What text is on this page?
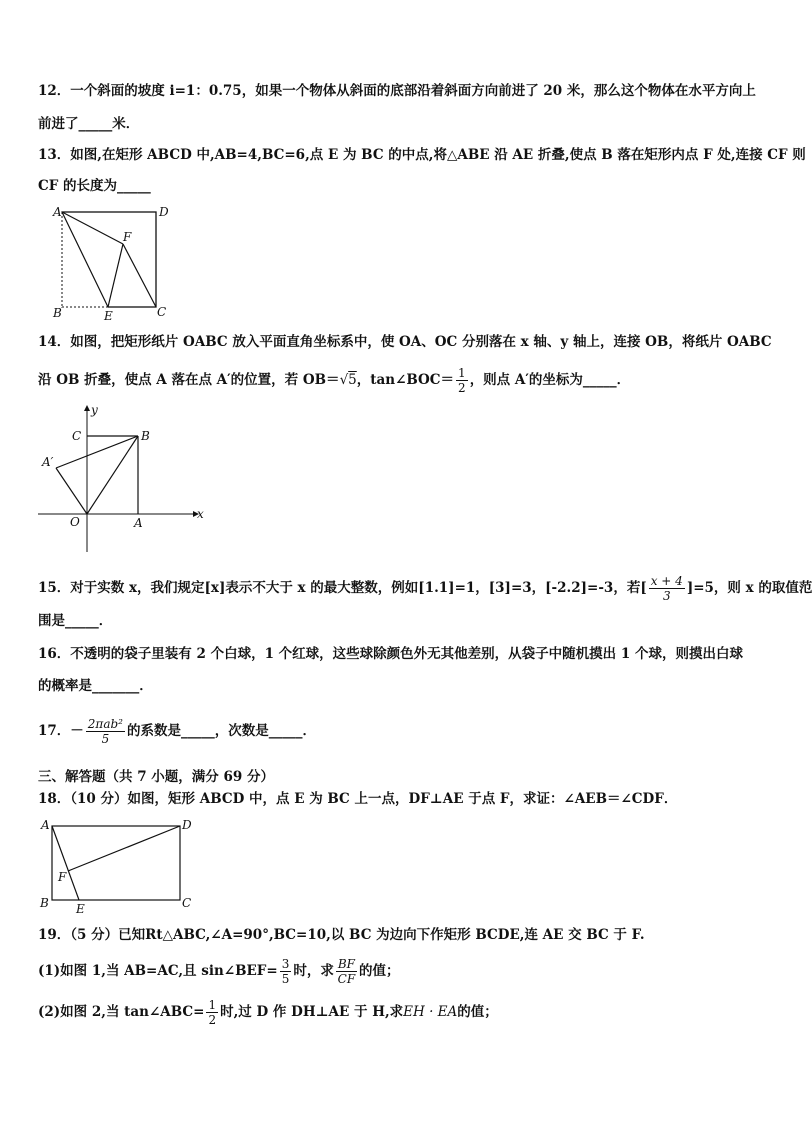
12．一个斜面的坡度 i=1：0.75，如果一个物体从斜面的底部沿着斜面方向前进了 20 米，那么这个物体在水平方向上
前进了_____米．
13．如图,在矩形 ABCD 中,AB=4,BC=6,点 E 为 BC 的中点,将△ABE 沿 AE 折叠,使点 B 落在矩形内点 F 处,连接 CF 则
CF 的长度为_____
A	D
F
B	E	C
14．如图，把矩形纸片 OABC 放入平面直角坐标系中，使 OA、OC 分别落在 x 轴、y 轴上，连接 OB，将纸片 OABC
沿 OB 折叠，使点 A 落在点 A′的位置，若 OB＝√5，tan∠BOC＝ $\frac{1}{2}$ ，则点 A′的坐标为_____．
y
x
C	B
A′
O	A
15．对于实数 x，我们规定[x]表示不大于 x 的最大整数，例如[1.1]=1，[3]=3，[-2.2]=-3，若[ $\frac{x + 4}{3} ]=5$，则 x 的取值范
围是_____．
16．不透明的袋子里装有 2 个白球，1 个红球，这些球除颜色外无其他差别，从袋子中随机摸出 1 个球，则摸出白球
的概率是_______．
17．－ $\frac{\text{2πab²}}{5}$ 的系数是_____，次数是_____．
三、解答题（共 7 小题，满分 69 分）
18．（10 分）如图，矩形 ABCD 中，点 E 为 BC 上一点，DF⊥AE 于点 F，求证：∠AEB＝∠CDF．
A	D
F
B E	C
19．（5 分）已知Rt△ABC,∠A=90°,BC=10,以 BC 为边向下作矩形 BCDE,连 AE 交 BC 于 F.
(1)如图 1,当 AB=AC,且 sin∠BEF= $\frac{3}{5}$ 时，求 $\frac{BF}{CF}$ 的值；
(2)如图 2,当 tan∠ABC= $\frac{1}{2}$ 时,过 D 作 DH⊥AE 于 H,求EH · EA的值；
